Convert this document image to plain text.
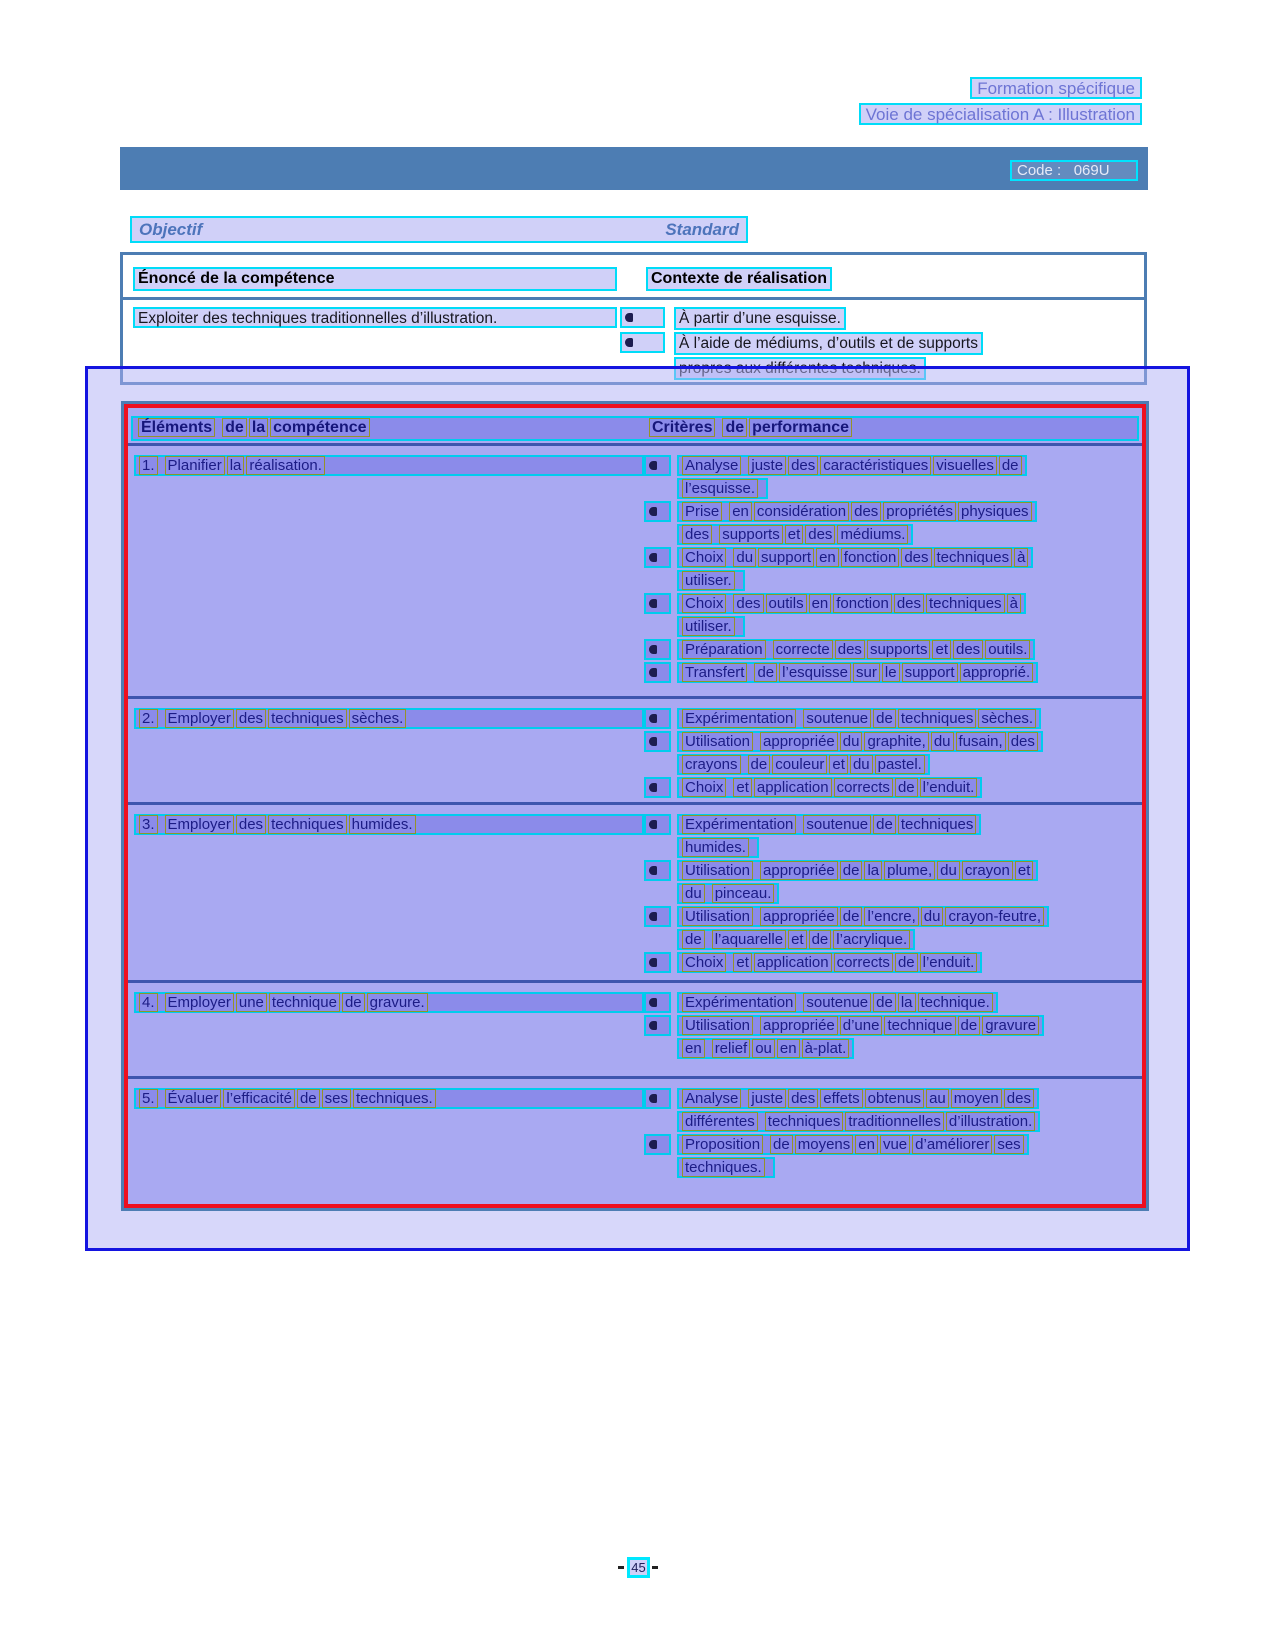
Formation spécifique
Voie de spécialisation A : Illustration
Code :   069U
Objectif	Standard
Énoncé de la compétence	Contexte de réalisation
Exploiter des techniques traditionnelles d’illustration.	À partir d’une esquisse.
À l’aide de médiums, d’outils et de supports
Éléments de la compétence	Critères de performance
1. Planifier la réalisation.	Analyse juste des caractéristiques visuelles de
l’esquisse.
Prise en considération des propriétés physiques
des supports et des médiums.
Choix du support en fonction des techniques à
utiliser.
Choix des outils en fonction des techniques à
utiliser.
Préparation correcte des supports et des outils.
Transfert de l’esquisse sur le support approprié.
2. Employer des techniques sèches.	Expérimentation soutenue de techniques sèches.
Utilisation appropriée du graphite, du fusain, des
crayons de couleur et du pastel.
Choix et application corrects de l’enduit.
3. Employer des techniques humides.	Expérimentation soutenue de techniques
humides.
Utilisation appropriée de la plume, du crayon et
du pinceau.
Utilisation appropriée de l’encre, du crayon-feutre,
de l’aquarelle et de l’acrylique.
Choix et application corrects de l’enduit.
4. Employer une technique de gravure.	Expérimentation soutenue de la technique.
Utilisation appropriée d’une technique de gravure
en relief ou en à-plat.
5. Évaluer l’efficacité de ses techniques.	Analyse juste des effets obtenus au moyen des
différentes techniques traditionnelles d’illustration.
Proposition de moyens en vue d’améliorer ses
techniques.
45
